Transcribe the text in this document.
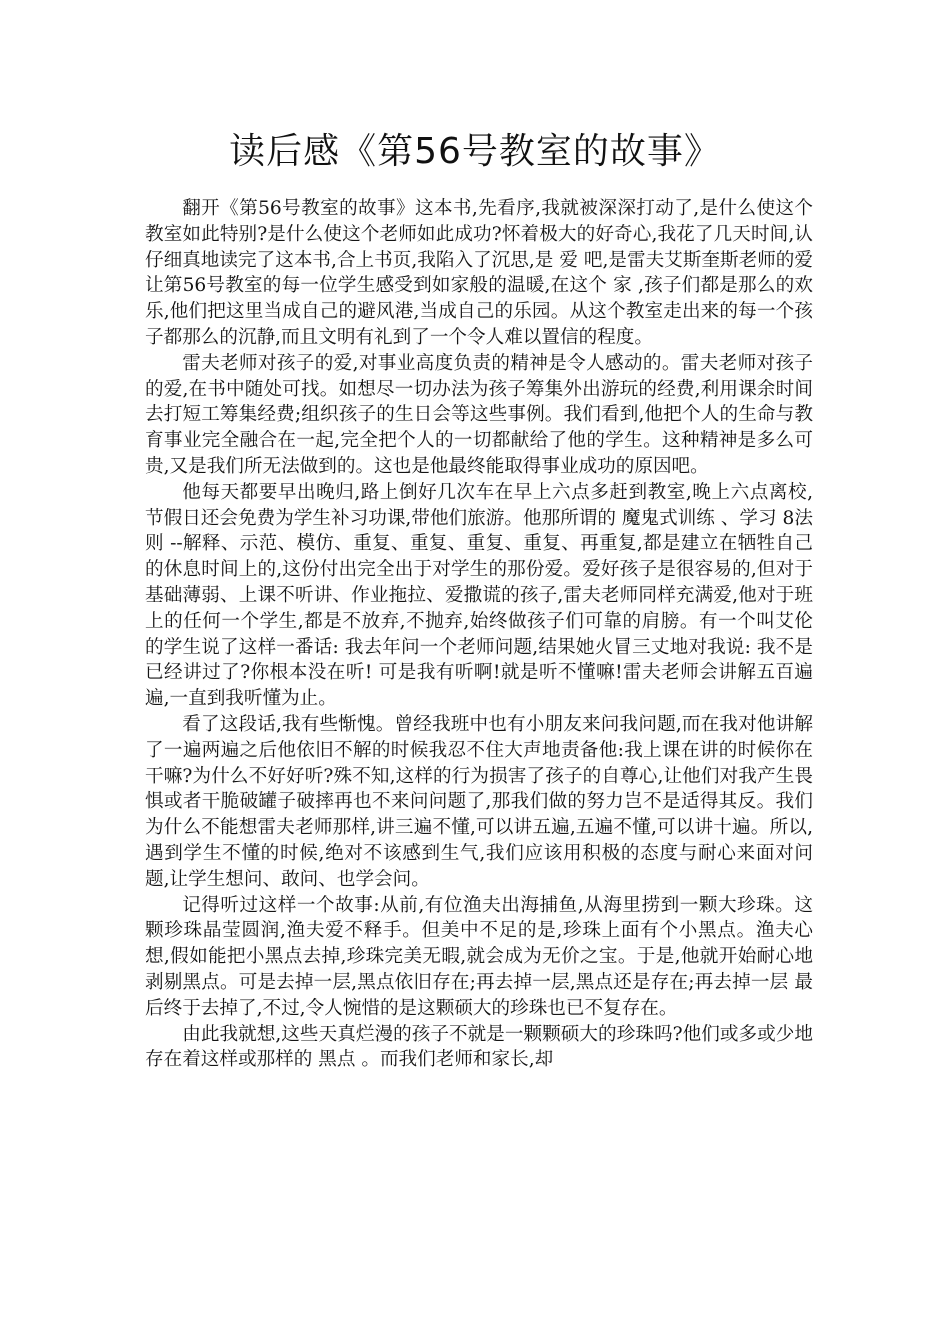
读后感《第56号教室的故事》

翻开《第56号教室的故事》这本书,先看序,我就被深深打动了,是什么使这个教室如此特别?是什么使这个老师如此成功?怀着极大的好奇心,我花了几天时间,认仔细真地读完了这本书,合上书页,我陷入了沉思,是 爱 吧,是雷夫艾斯奎斯老师的爱让第56号教室的每一位学生感受到如家般的温暖,在这个 家 ,孩子们都是那么的欢乐,他们把这里当成自己的避风港,当成自己的乐园。从这个教室走出来的每一个孩子都那么的沉静,而且文明有礼到了一个令人难以置信的程度。

雷夫老师对孩子的爱,对事业高度负责的精神是令人感动的。雷夫老师对孩子的爱,在书中随处可找。如想尽一切办法为孩子筹集外出游玩的经费,利用课余时间去打短工筹集经费;组织孩子的生日会等这些事例。我们看到,他把个人的生命与教育事业完全融合在一起,完全把个人的一切都献给了他的学生。这种精神是多么可贵,又是我们所无法做到的。这也是他最终能取得事业成功的原因吧。

他每天都要早出晚归,路上倒好几次车在早上六点多赶到教室,晚上六点离校,节假日还会免费为学生补习功课,带他们旅游。他那所谓的 魔鬼式训练 、学习 8法则 --解释、示范、模仿、重复、重复、重复、重复、再重复,都是建立在牺牲自己的休息时间上的,这份付出完全出于对学生的那份爱。爱好孩子是很容易的,但对于基础薄弱、上课不听讲、作业拖拉、爱撒谎的孩子,雷夫老师同样充满爱,他对于班上的任何一个学生,都是不放弃,不抛弃,始终做孩子们可靠的肩膀。有一个叫艾伦的学生说了这样一番话: 我去年问一个老师问题,结果她火冒三丈地对我说: 我不是已经讲过了?你根本没在听! 可是我有听啊!就是听不懂嘛!雷夫老师会讲解五百遍遍,一直到我听懂为止。

看了这段话,我有些惭愧。曾经我班中也有小朋友来问我问题,而在我对他讲解了一遍两遍之后他依旧不解的时候我忍不住大声地责备他:我上课在讲的时候你在干嘛?为什么不好好听?殊不知,这样的行为损害了孩子的自尊心,让他们对我产生畏惧或者干脆破罐子破摔再也不来问问题了,那我们做的努力岂不是适得其反。我们为什么不能想雷夫老师那样,讲三遍不懂,可以讲五遍,五遍不懂,可以讲十遍。所以,遇到学生不懂的时候,绝对不该感到生气,我们应该用积极的态度与耐心来面对问题,让学生想问、敢问、也学会问。

记得听过这样一个故事:从前,有位渔夫出海捕鱼,从海里捞到一颗大珍珠。这颗珍珠晶莹圆润,渔夫爱不释手。但美中不足的是,珍珠上面有个小黑点。渔夫心想,假如能把小黑点去掉,珍珠完美无暇,就会成为无价之宝。于是,他就开始耐心地剥剔黑点。可是去掉一层,黑点依旧存在;再去掉一层,黑点还是存在;再去掉一层 最后终于去掉了,不过,令人惋惜的是这颗硕大的珍珠也已不复存在。

由此我就想,这些天真烂漫的孩子不就是一颗颗硕大的珍珠吗?他们或多或少地存在着这样或那样的 黑点 。而我们老师和家长,却
